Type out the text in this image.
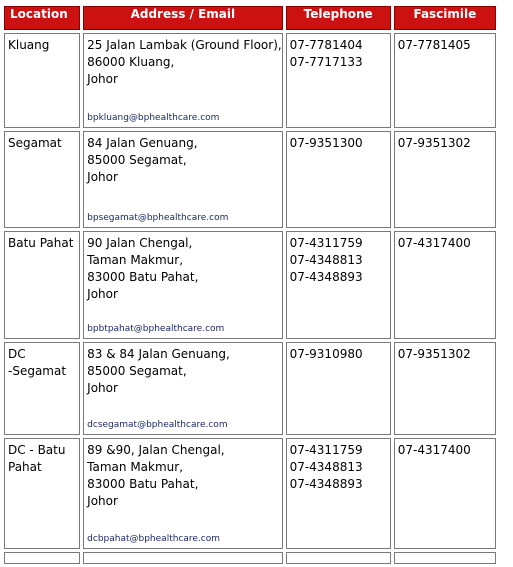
Location	Address / Email	Telephone	Fascimile

Kluang	25 Jalan Lambak (Ground Floor),
86000 Kluang,
Johor
bpkluang@bphealthcare.com	07-7781404
07-7717133	07-7781405

Segamat	84 Jalan Genuang,
85000 Segamat,
Johor
bpsegamat@bphealthcare.com	07-9351300	07-9351302

Batu Pahat	90 Jalan Chengal,
Taman Makmur,
83000 Batu Pahat,
Johor
bpbtpahat@bphealthcare.com	07-4311759
07-4348813
07-4348893	07-4317400

DC
-Segamat	83 & 84 Jalan Genuang,
85000 Segamat,
Johor
dcsegamat@bphealthcare.com	07-9310980	07-9351302

DC - Batu
Pahat	89 &90, Jalan Chengal,
Taman Makmur,
83000 Batu Pahat,
Johor
dcbpahat@bphealthcare.com	07-4311759
07-4348813
07-4348893	07-4317400
